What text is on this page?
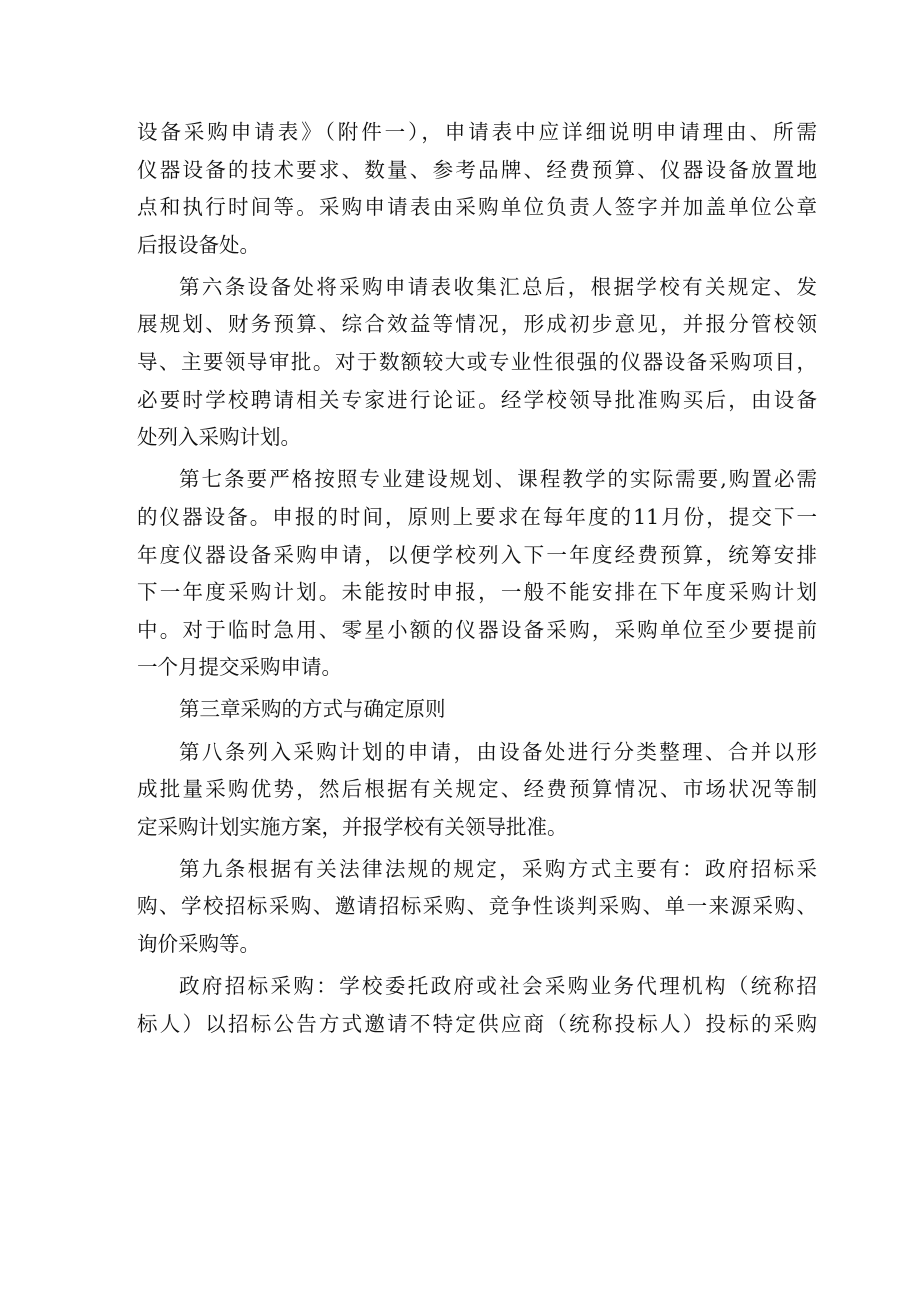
设备采购申请表》（附件一），申请表中应详细说明申请理由、所需
仪器设备的技术要求、数量、参考品牌、经费预算、仪器设备放置地
点和执行时间等。采购申请表由采购单位负责人签字并加盖单位公章
后报设备处。
第六条设备处将采购申请表收集汇总后，根据学校有关规定、发
展规划、财务预算、综合效益等情况，形成初步意见，并报分管校领
导、主要领导审批。对于数额较大或专业性很强的仪器设备采购项目，
必要时学校聘请相关专家进行论证。经学校领导批准购买后，由设备
处列入采购计划。
第七条要严格按照专业建设规划、课程教学的实际需要,购置必需
的仪器设备。申报的时间，原则上要求在每年度的11月份，提交下一
年度仪器设备采购申请，以便学校列入下一年度经费预算，统筹安排
下一年度采购计划。未能按时申报，一般不能安排在下年度采购计划
中。对于临时急用、零星小额的仪器设备采购，采购单位至少要提前
一个月提交采购申请。
第三章采购的方式与确定原则
第八条列入采购计划的申请，由设备处进行分类整理、合并以形
成批量采购优势，然后根据有关规定、经费预算情况、市场状况等制
定采购计划实施方案，并报学校有关领导批准。
第九条根据有关法律法规的规定，采购方式主要有：政府招标采
购、学校招标采购、邀请招标采购、竞争性谈判采购、单一来源采购、
询价采购等。
政府招标采购：学校委托政府或社会采购业务代理机构（统称招
标人）以招标公告方式邀请不特定供应商（统称投标人）投标的采购
